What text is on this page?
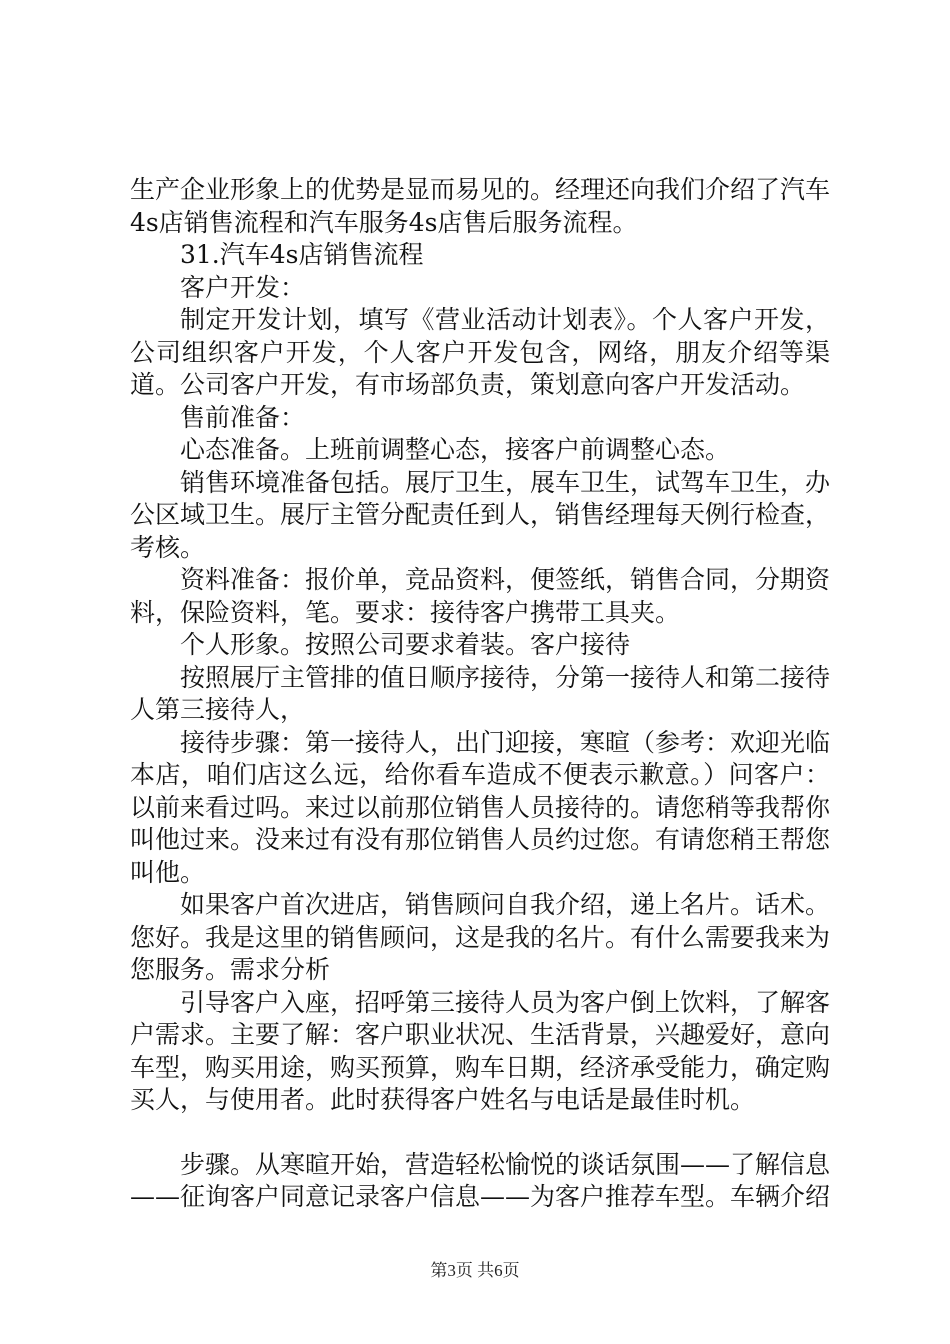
生产企业形象上的优势是显而易见的。经理还向我们介绍了汽车4s店销售流程和汽车服务4s店售后服务流程。

31.汽车4s店销售流程

客户开发：

制定开发计划，填写《营业活动计划表》。个人客户开发，公司组织客户开发，个人客户开发包含，网络，朋友介绍等渠道。公司客户开发，有市场部负责，策划意向客户开发活动。

售前准备：

心态准备。上班前调整心态，接客户前调整心态。

销售环境准备包括。展厅卫生，展车卫生，试驾车卫生，办公区域卫生。展厅主管分配责任到人，销售经理每天例行检查，考核。

资料准备：报价单，竞品资料，便签纸，销售合同，分期资料，保险资料，笔。要求：接待客户携带工具夹。

个人形象。按照公司要求着装。客户接待

按照展厅主管排的值日顺序接待，分第一接待人和第二接待人第三接待人，

接待步骤：第一接待人，出门迎接，寒暄（参考：欢迎光临本店，咱们店这么远，给你看车造成不便表示歉意。）问客户：以前来看过吗。来过以前那位销售人员接待的。请您稍等我帮你叫他过来。没来过有没有那位销售人员约过您。有请您稍王帮您叫他。

如果客户首次进店，销售顾问自我介绍，递上名片。话术。您好。我是这里的销售顾问，这是我的名片。有什么需要我来为您服务。需求分析

引导客户入座，招呼第三接待人员为客户倒上饮料，了解客户需求。主要了解：客户职业状况、生活背景，兴趣爱好，意向车型，购买用途，购买预算，购车日期，经济承受能力，确定购买人，与使用者。此时获得客户姓名与电话是最佳时机。

步骤。从寒暄开始，营造轻松愉悦的谈话氛围——了解信息——征询客户同意记录客户信息——为客户推荐车型。车辆介绍

第3页 共6页
